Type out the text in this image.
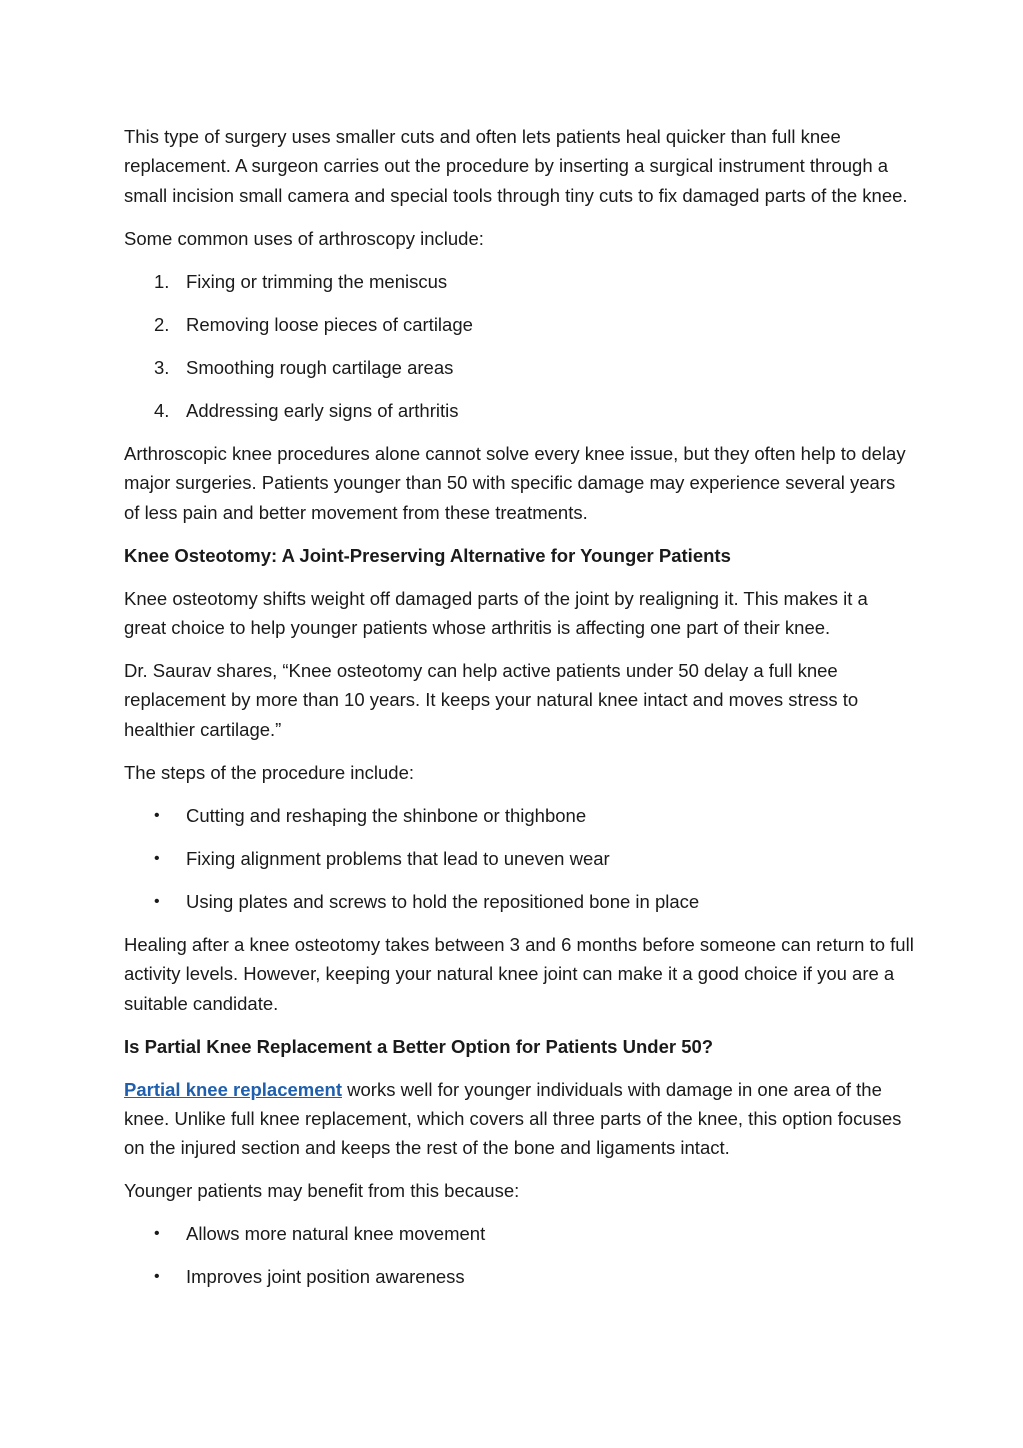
This type of surgery uses smaller cuts and often lets patients heal quicker than full knee replacement. A surgeon carries out the procedure by inserting a surgical instrument through a small incision small camera and special tools through tiny cuts to fix damaged parts of the knee.

Some common uses of arthroscopy include:

1. Fixing or trimming the meniscus
2. Removing loose pieces of cartilage
3. Smoothing rough cartilage areas
4. Addressing early signs of arthritis

Arthroscopic knee procedures alone cannot solve every knee issue, but they often help to delay major surgeries. Patients younger than 50 with specific damage may experience several years of less pain and better movement from these treatments.

Knee Osteotomy: A Joint-Preserving Alternative for Younger Patients

Knee osteotomy shifts weight off damaged parts of the joint by realigning it. This makes it a great choice to help younger patients whose arthritis is affecting one part of their knee.

Dr. Saurav shares, “Knee osteotomy can help active patients under 50 delay a full knee replacement by more than 10 years. It keeps your natural knee intact and moves stress to healthier cartilage.”

The steps of the procedure include:

• Cutting and reshaping the shinbone or thighbone
• Fixing alignment problems that lead to uneven wear
• Using plates and screws to hold the repositioned bone in place

Healing after a knee osteotomy takes between 3 and 6 months before someone can return to full activity levels. However, keeping your natural knee joint can make it a good choice if you are a suitable candidate.

Is Partial Knee Replacement a Better Option for Patients Under 50?

Partial knee replacement works well for younger individuals with damage in one area of the knee. Unlike full knee replacement, which covers all three parts of the knee, this option focuses on the injured section and keeps the rest of the bone and ligaments intact.

Younger patients may benefit from this because:

• Allows more natural knee movement
• Improves joint position awareness
